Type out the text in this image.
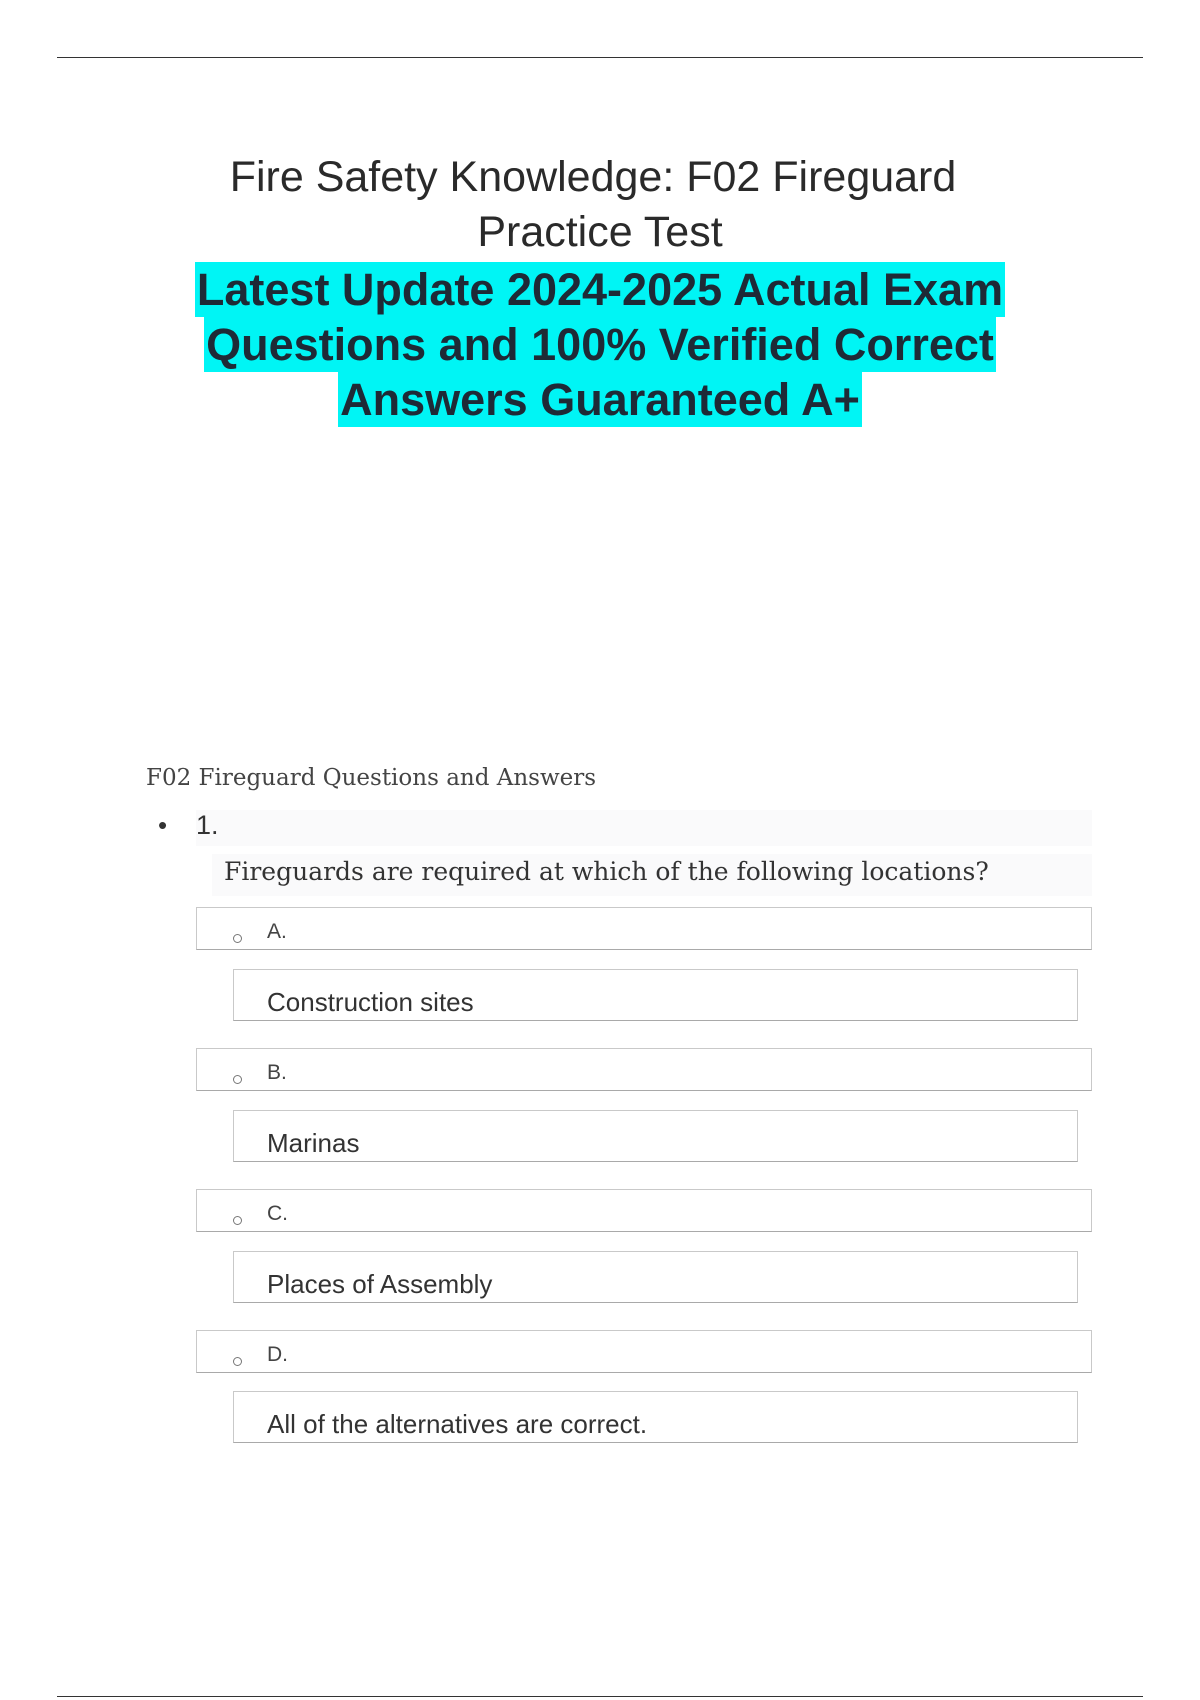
Fire Safety Knowledge: F02 Fireguard
Practice Test
Latest Update 2024-2025 Actual Exam
Questions and 100% Verified Correct
Answers Guaranteed A+
F02 Fireguard Questions and Answers
• 1.
Fireguards are required at which of the following locations?
A.
Construction sites
B.
Marinas
C.
Places of Assembly
D.
All of the alternatives are correct.
